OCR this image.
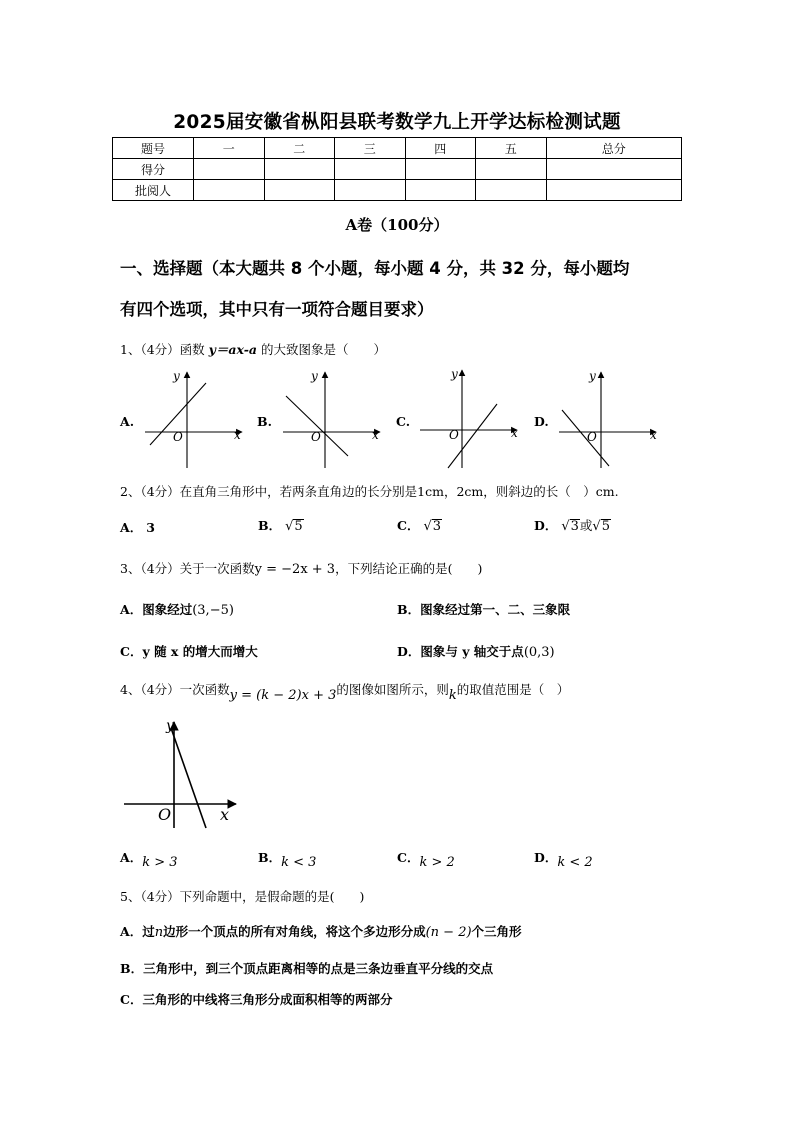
2025届安徽省枞阳县联考数学九上开学达标检测试题
题号	一	二	三	四	五	总分
得分						
批阅人						
A卷（100分）
一、选择题（本大题共 8 个小题，每小题 4 分，共 32 分，每小题均
有四个选项，其中只有一项符合题目要求）
1、（4分）函数 y＝ax-a 的大致图象是（　　）
A.
y
x
O
B.
y
x
O
C.
y
x
O
D.
y
x
O
2、（4分）在直角三角形中，若两条直角边的长分别是1cm，2cm，则斜边的长（　）cm.
A． 3	B． √5	C． √3	D． √3或√5
3、（4分）关于一次函数y = −2x + 3，下列结论正确的是(　　)
A．图象经过(3,−5)	B．图象经过第一、二、三象限
C．y 随 x 的增大而增大	D．图象与 y 轴交于点(0,3)
4、（4分）一次函数y = (k − 2)x + 3的图像如图所示，则k的取值范围是（　）
y
x
O
A．k > 3	B．k < 3	C．k > 2	D．k < 2
5、（4分）下列命题中，是假命题的是(　　)
A．过n边形一个顶点的所有对角线，将这个多边形分成(n − 2)个三角形
B．三角形中，到三个顶点距离相等的点是三条边垂直平分线的交点
C．三角形的中线将三角形分成面积相等的两部分
